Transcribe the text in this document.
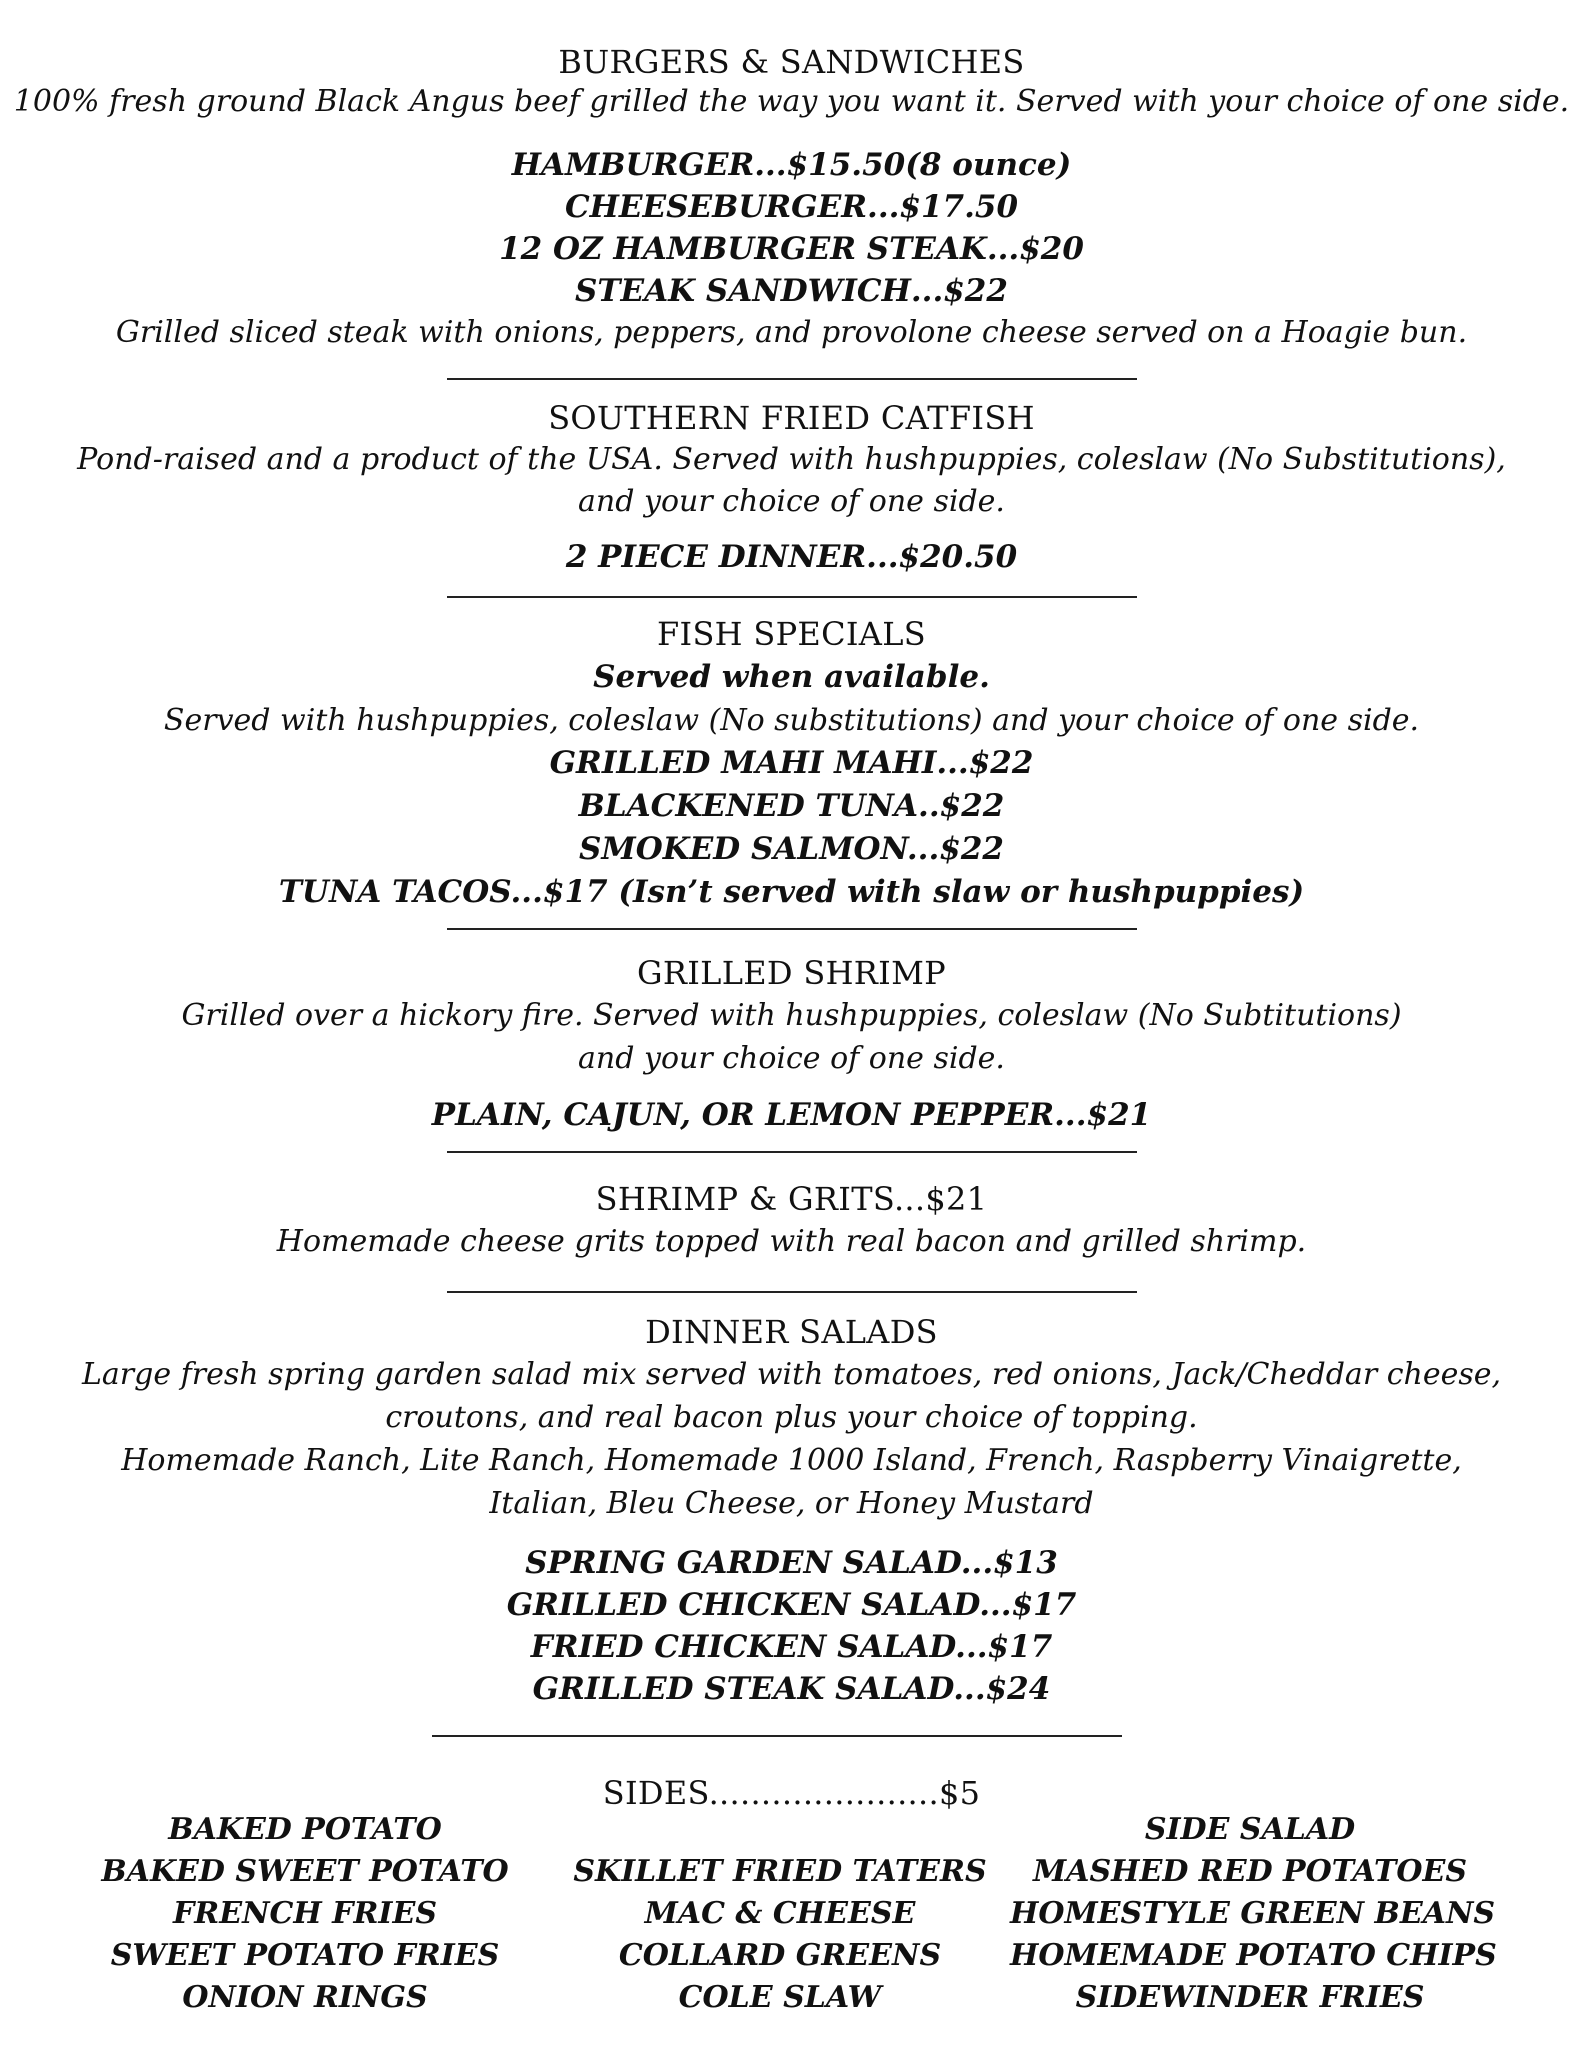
BURGERS & SANDWICHES
100% fresh ground Black Angus beef grilled the way you want it. Served with your choice of one side.
HAMBURGER...$15.50(8 ounce)
CHEESEBURGER...$17.50
12 OZ HAMBURGER STEAK...$20
STEAK SANDWICH...$22
Grilled sliced steak with onions, peppers, and provolone cheese served on a Hoagie bun.
SOUTHERN FRIED CATFISH
Pond-raised and a product of the USA. Served with hushpuppies, coleslaw (No Substitutions),
and your choice of one side.
2 PIECE DINNER...$20.50
FISH SPECIALS
Served when available.
Served with hushpuppies, coleslaw (No substitutions) and your choice of one side.
GRILLED MAHI MAHI...$22
BLACKENED TUNA..$22
SMOKED SALMON...$22
TUNA TACOS...$17 (Isn’t served with slaw or hushpuppies)
GRILLED SHRIMP
Grilled over a hickory fire. Served with hushpuppies, coleslaw (No Subtitutions)
and your choice of one side.
PLAIN, CAJUN, OR LEMON PEPPER...$21
SHRIMP & GRITS...$21
Homemade cheese grits topped with real bacon and grilled shrimp.
DINNER SALADS
Large fresh spring garden salad mix served with tomatoes, red onions, Jack/Cheddar cheese,
croutons, and real bacon plus your choice of topping.
Homemade Ranch, Lite Ranch, Homemade 1000 Island, French, Raspberry Vinaigrette,
Italian, Bleu Cheese, or Honey Mustard
SPRING GARDEN SALAD...$13
GRILLED CHICKEN SALAD...$17
FRIED CHICKEN SALAD...$17
GRILLED STEAK SALAD...$24
SIDES......................$5
BAKED POTATO
BAKED SWEET POTATO
FRENCH FRIES
SWEET POTATO FRIES
ONION RINGS
SKILLET FRIED TATERS
MAC & CHEESE
COLLARD GREENS
COLE SLAW
SIDE SALAD
MASHED RED POTATOES
HOMESTYLE GREEN BEANS
HOMEMADE POTATO CHIPS
SIDEWINDER FRIES
